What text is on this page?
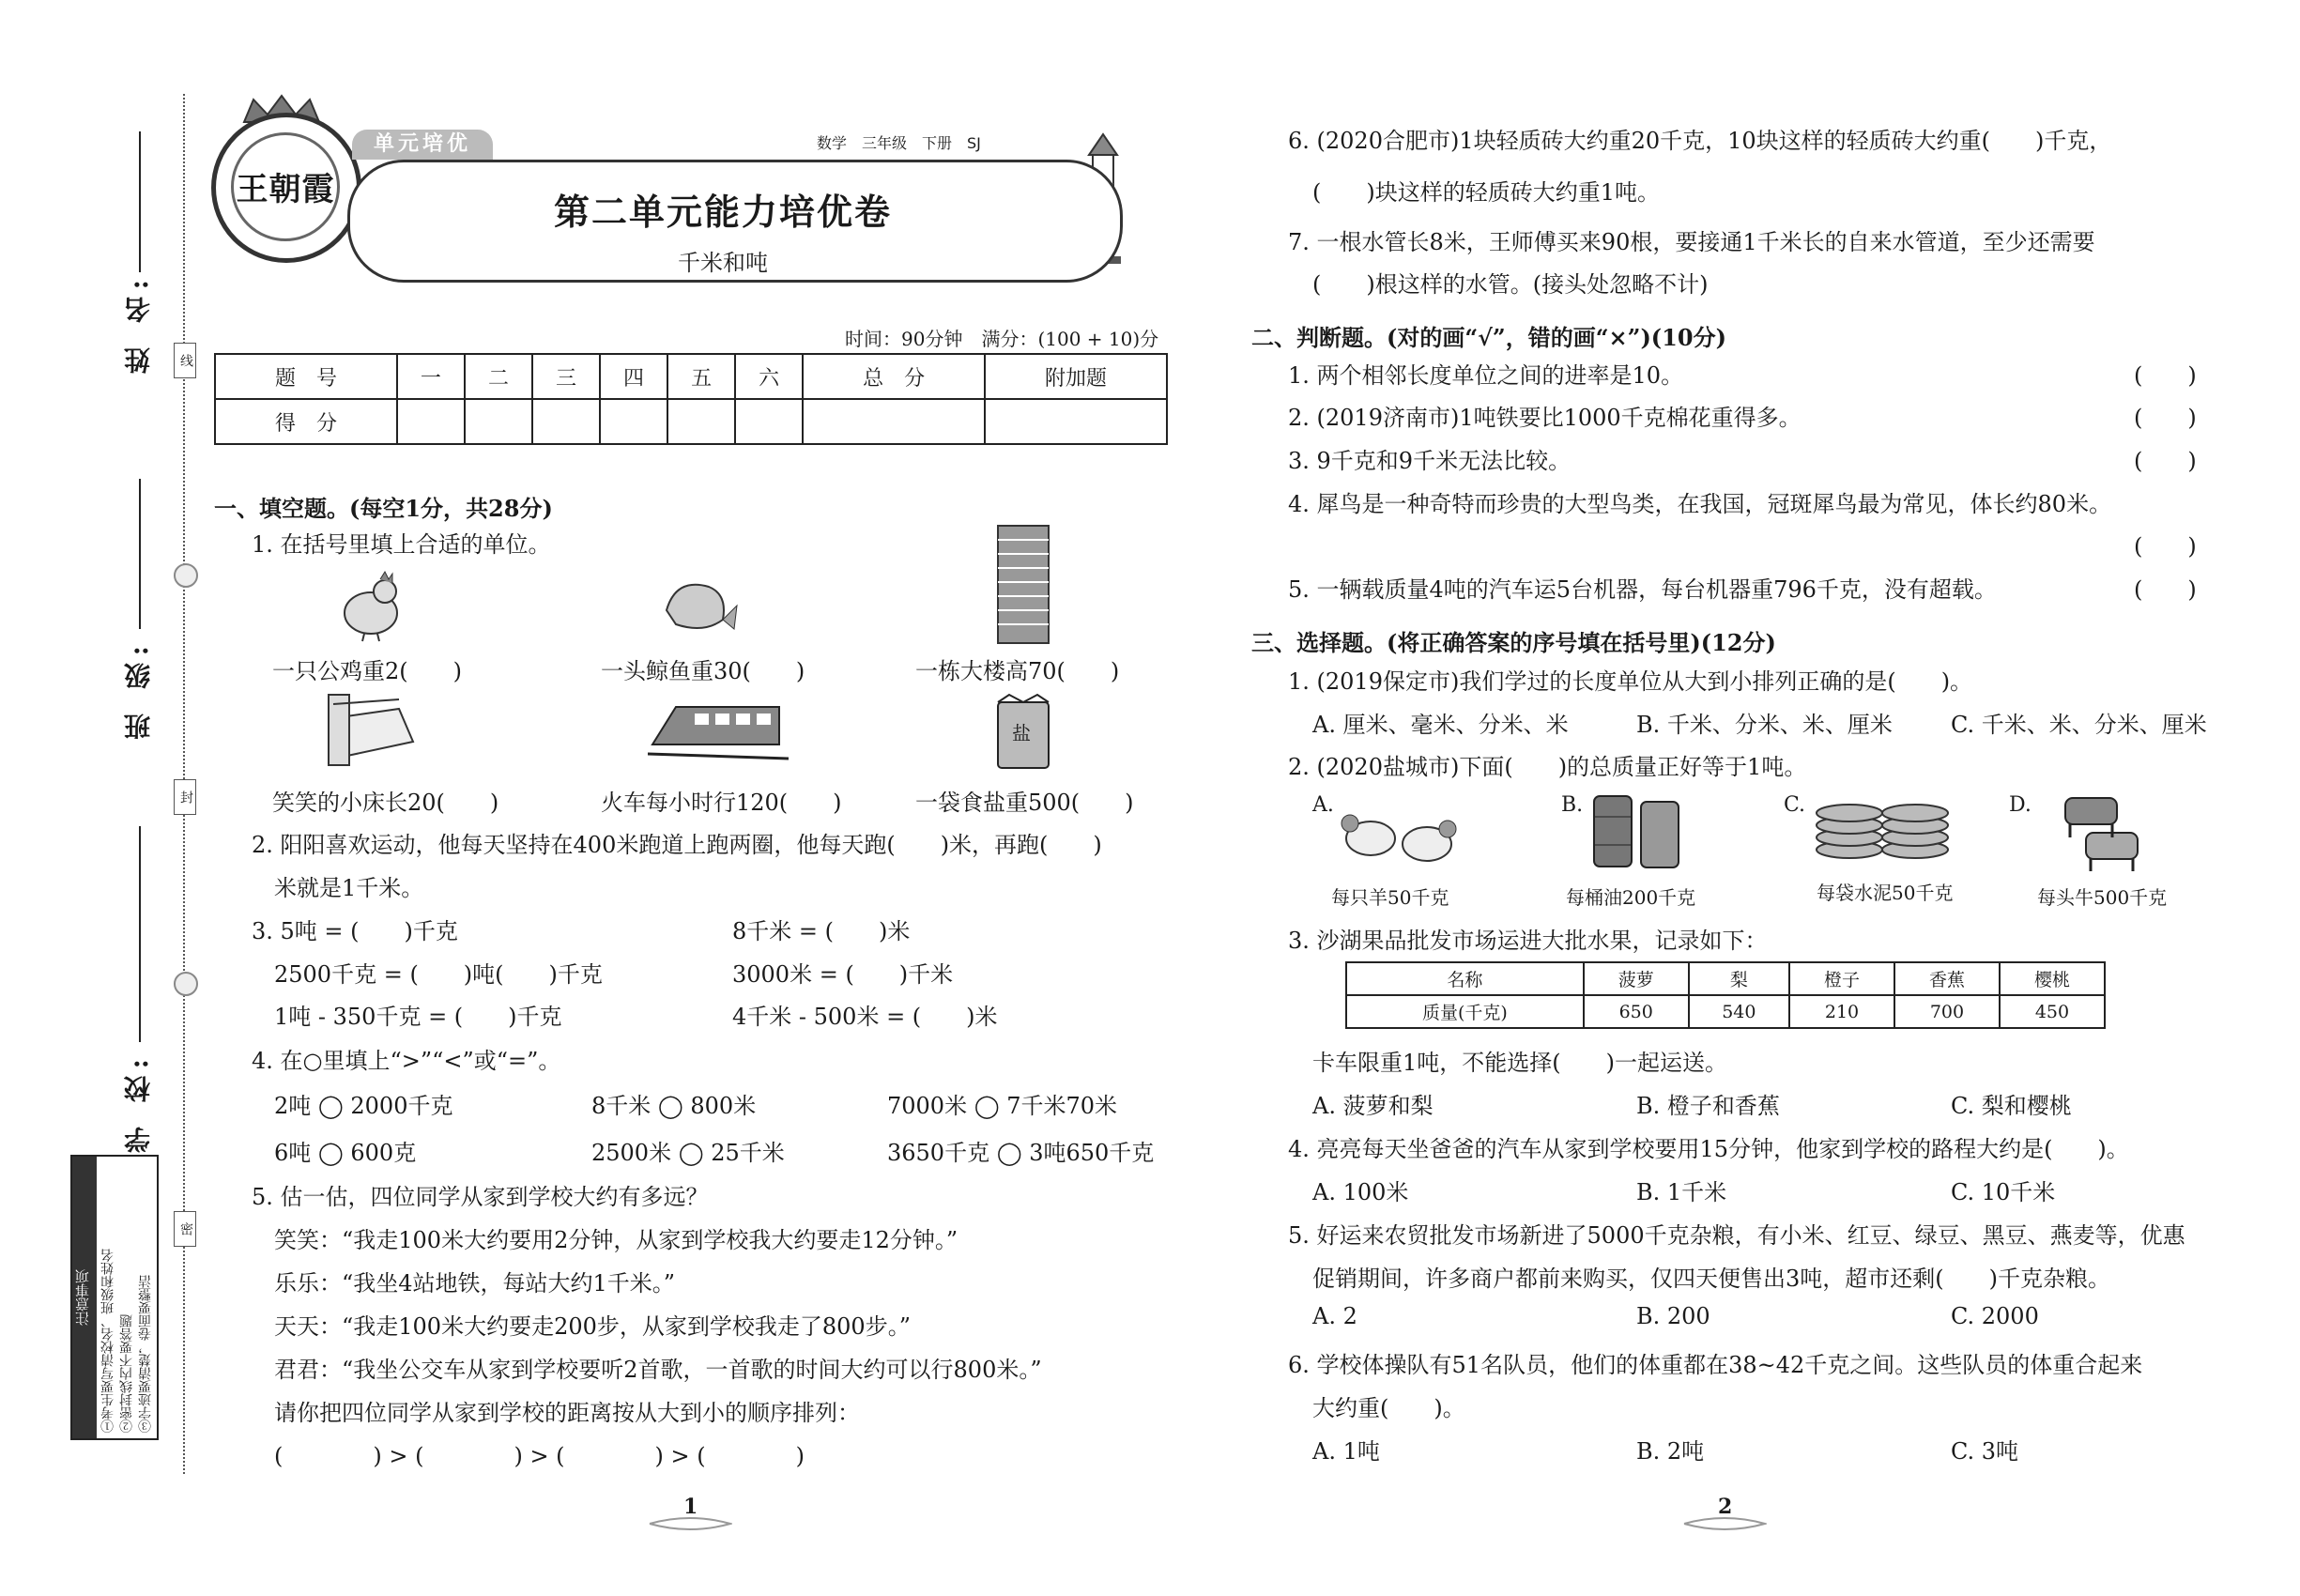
姓 名:
班 级:
学 校:
线
封
密
注意事项 ①考生要写清校名、班级和姓名 ②密封线内不要答题 ③字迹要清楚，卷面要整洁
王朝霞
单元培优	数学　三年级　下册　SJ
第二单元能力培优卷
千米和吨
时间：90分钟　满分：(100 + 10)分
题　号	一	二	三	四	五	六	总　分	附加题
得　分								
一、填空题。(每空1分，共28分)
1. 在括号里填上合适的单位。
一只公鸡重2(　　)	一头鲸鱼重30(　　)	一栋大楼高70(　　)
盐
笑笑的小床长20(　　)	火车每小时行120(　　)	一袋食盐重500(　　)
2. 阳阳喜欢运动，他每天坚持在400米跑道上跑两圈，他每天跑(　　)米，再跑(　　)
米就是1千米。
3. 5吨 = (　　)千克	8千米 = (　　)米
2500千克 = (　　)吨(　　)千克	3000米 = (　　)千米
1吨 - 350千克 = (　　)千克	4千米 - 500米 = (　　)米
4. 在○里填上“>”“<”或“=”。
2吨 ◯ 2000千克	8千米 ◯ 800米	7000米 ◯ 7千米70米
6吨 ◯ 600克	2500米 ◯ 25千米	3650千克 ◯ 3吨650千克
5. 估一估，四位同学从家到学校大约有多远？
笑笑：“我走100米大约要用2分钟，从家到学校我大约要走12分钟。”
乐乐：“我坐4站地铁，每站大约1千米。”
天天：“我走100米大约要走200步，从家到学校我走了800步。”
君君：“我坐公交车从家到学校要听2首歌，一首歌的时间大约可以行800米。”
请你把四位同学从家到学校的距离按从大到小的顺序排列：
(　　　　) > (　　　　) > (　　　　) > (　　　　)
1
6. (2020合肥市)1块轻质砖大约重20千克，10块这样的轻质砖大约重(　　)千克，
(　　)块这样的轻质砖大约重1吨。
7. 一根水管长8米，王师傅买来90根，要接通1千米长的自来水管道，至少还需要
(　　)根这样的水管。(接头处忽略不计)
二、判断题。(对的画“√”，错的画“×”)(10分)
1. 两个相邻长度单位之间的进率是10。	(　　)
2. (2019济南市)1吨铁要比1000千克棉花重得多。	(　　)
3. 9千克和9千米无法比较。	(　　)
4. 犀鸟是一种奇特而珍贵的大型鸟类，在我国，冠斑犀鸟最为常见，体长约80米。
(　　)
5. 一辆载质量4吨的汽车运5台机器，每台机器重796千克，没有超载。	(　　)
三、选择题。(将正确答案的序号填在括号里)(12分)
1. (2019保定市)我们学过的长度单位从大到小排列正确的是(　　)。
A. 厘米、毫米、分米、米	B. 千米、分米、米、厘米	C. 千米、米、分米、厘米
2. (2020盐城市)下面(　　)的总质量正好等于1吨。
A.	B.	C.	D.
每只羊50千克	每桶油200千克	每袋水泥50千克	每头牛500千克
3. 沙湖果品批发市场运进大批水果，记录如下：
名称	菠萝	梨	橙子	香蕉	樱桃
质量(千克)	650	540	210	700	450
卡车限重1吨，不能选择(　　)一起运送。
A. 菠萝和梨	B. 橙子和香蕉	C. 梨和樱桃
4. 亮亮每天坐爸爸的汽车从家到学校要用15分钟，他家到学校的路程大约是(　　)。
A. 100米	B. 1千米	C. 10千米
5. 好运来农贸批发市场新进了5000千克杂粮，有小米、红豆、绿豆、黑豆、燕麦等，优惠
促销期间，许多商户都前来购买，仅四天便售出3吨，超市还剩(　　)千克杂粮。
A. 2	B. 200	C. 2000
6. 学校体操队有51名队员，他们的体重都在38~42千克之间。这些队员的体重合起来
大约重(　　)。
A. 1吨	B. 2吨	C. 3吨
2
